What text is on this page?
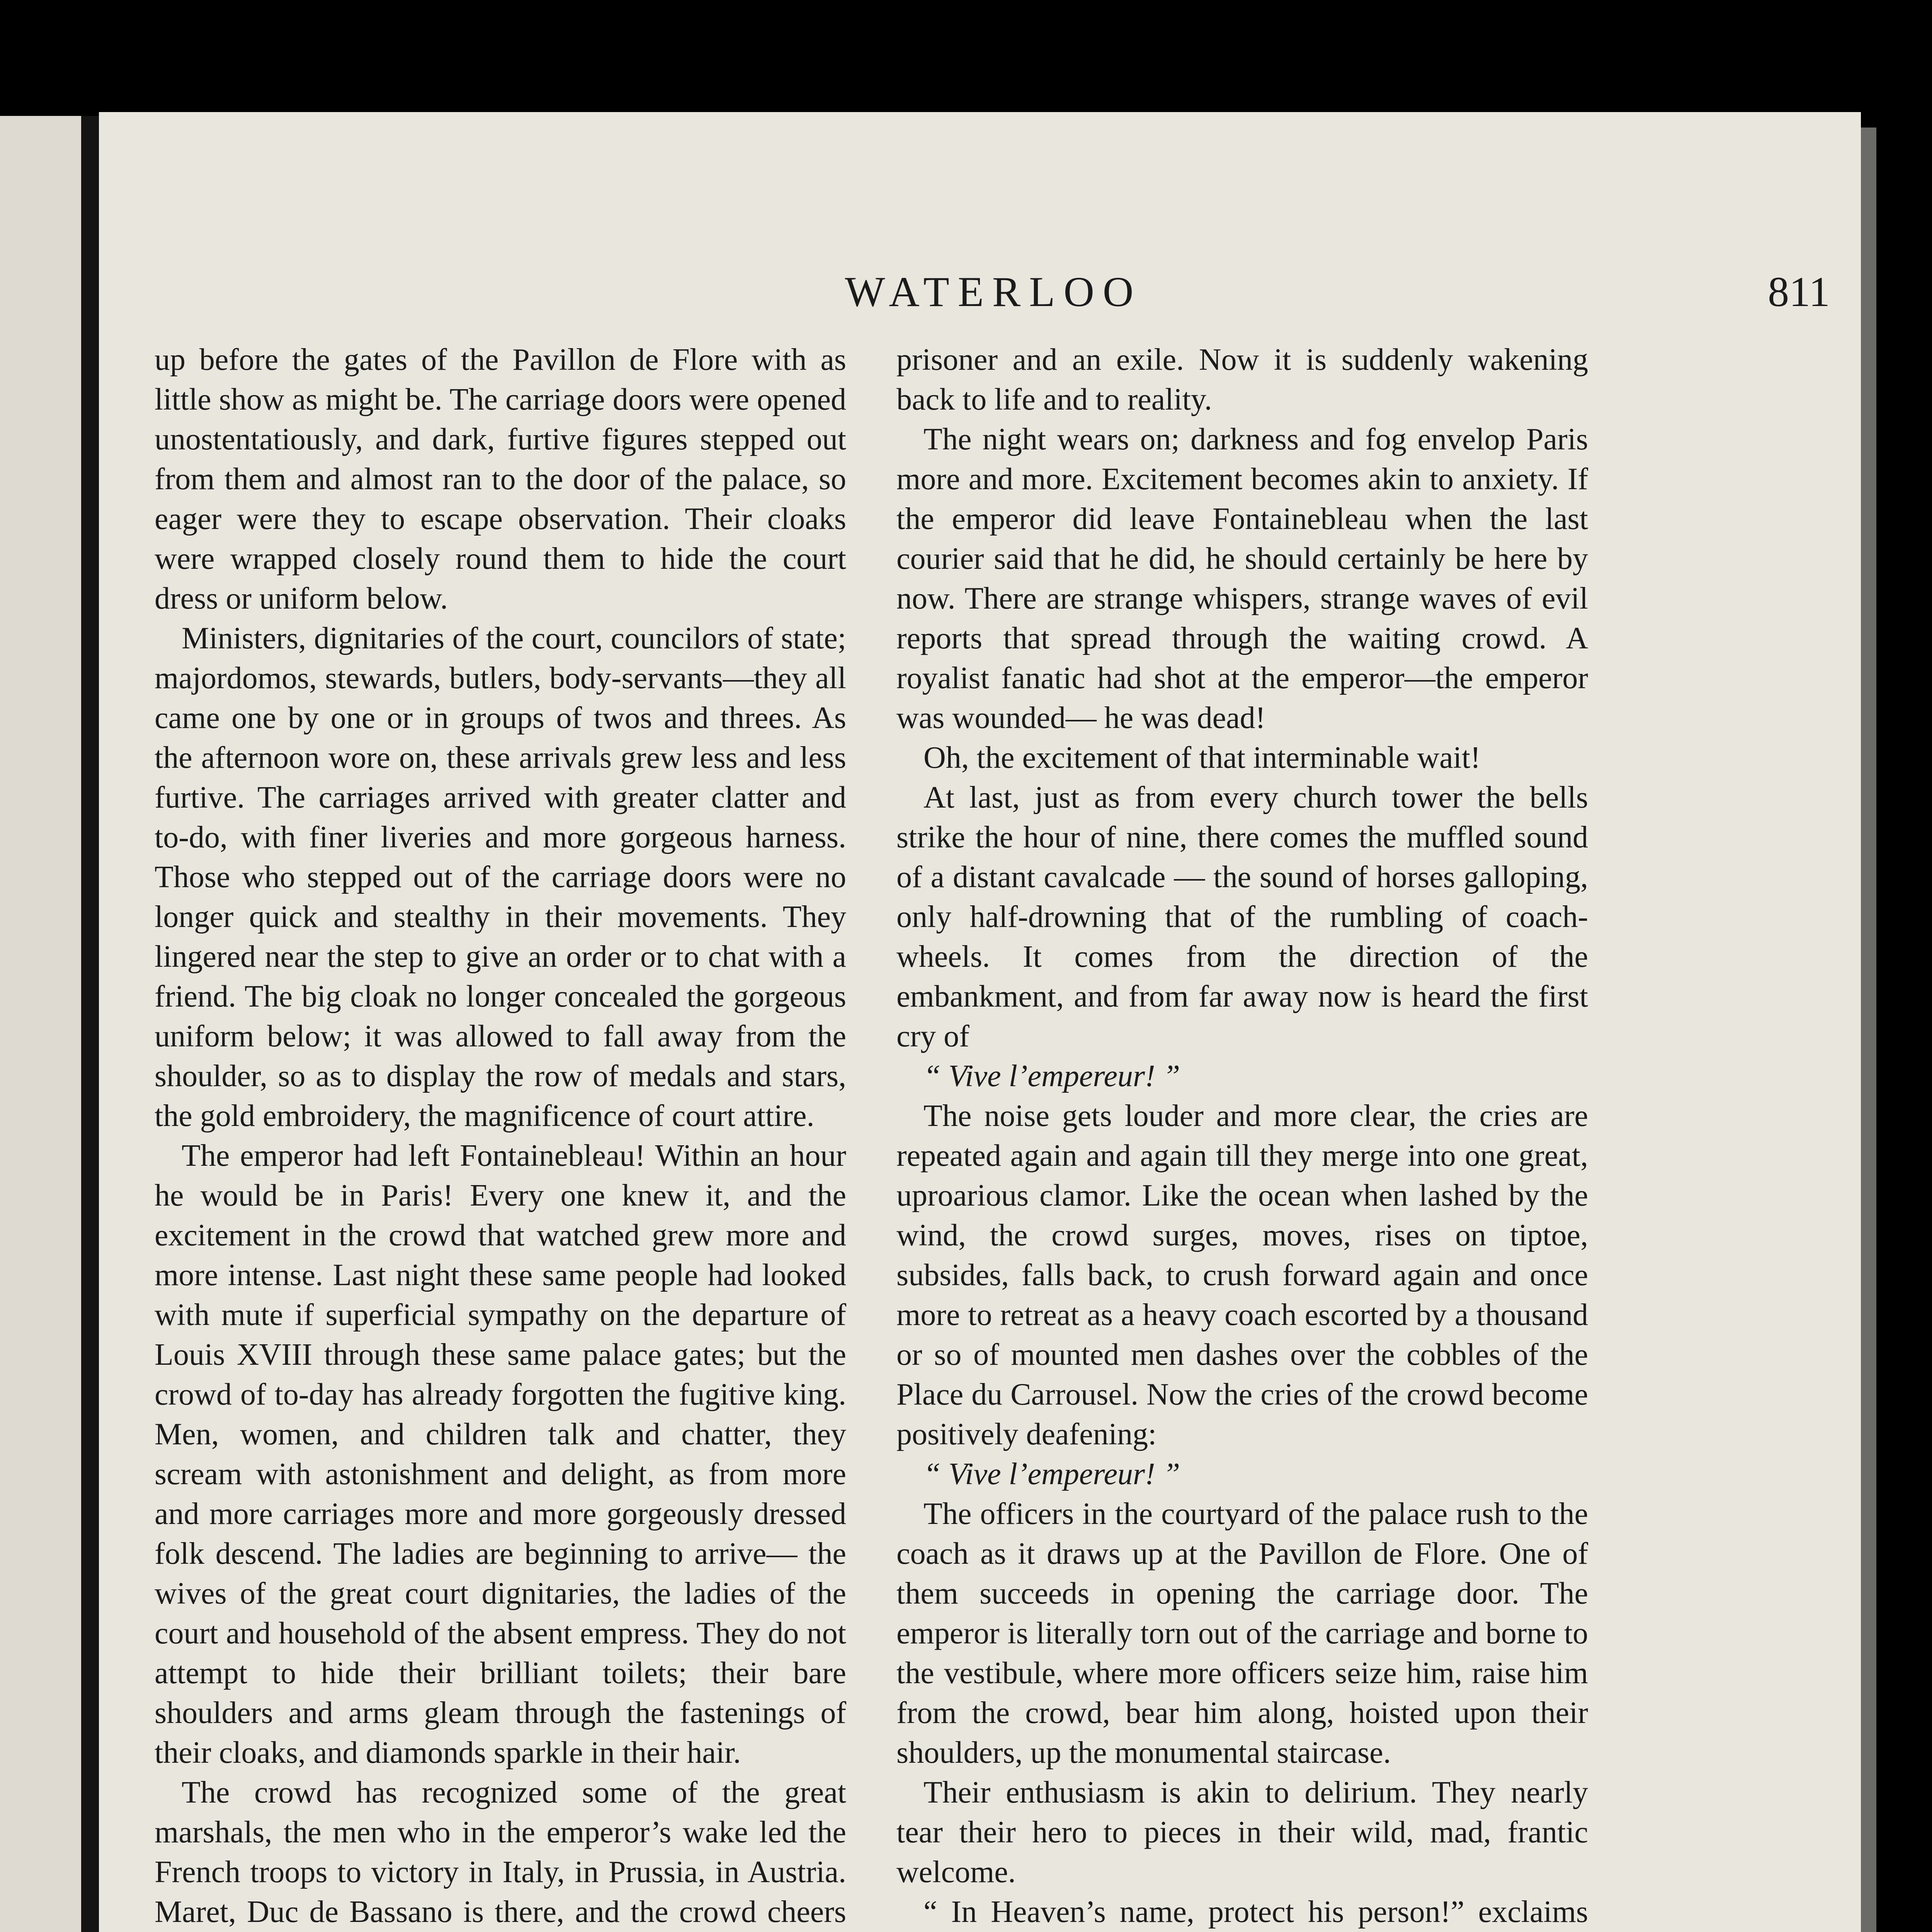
WATERLOO	811

up before the gates of the Pavillon de Flore with as little show as might be. The carriage doors were opened unostentatiously, and dark, furtive figures stepped out from them and almost ran to the door of the palace, so eager were they to escape observation. Their cloaks were wrapped closely round them to hide the court dress or uniform below.

Ministers, dignitaries of the court, councilors of state; majordomos, stewards, butlers, body-servants—they all came one by one or in groups of twos and threes. As the afternoon wore on, these arrivals grew less and less furtive. The carriages arrived with greater clatter and to-do, with finer liveries and more gorgeous harness. Those who stepped out of the carriage doors were no longer quick and stealthy in their movements. They lingered near the step to give an order or to chat with a friend. The big cloak no longer concealed the gorgeous uniform below; it was allowed to fall away from the shoulder, so as to display the row of medals and stars, the gold embroidery, the magnificence of court attire.

The emperor had left Fontainebleau! Within an hour he would be in Paris! Every one knew it, and the excitement in the crowd that watched grew more and more intense. Last night these same people had looked with mute if superficial sympathy on the departure of Louis XVIII through these same palace gates; but the crowd of to-day has already forgotten the fugitive king. Men, women, and children talk and chatter, they scream with astonishment and delight, as from more and more carriages more and more gorgeously dressed folk descend. The ladies are beginning to arrive— the wives of the great court dignitaries, the ladies of the court and household of the absent empress. They do not attempt to hide their brilliant toilets; their bare shoulders and arms gleam through the fastenings of their cloaks, and diamonds sparkle in their hair.

The crowd has recognized some of the great marshals, the men who in the emperor’s wake led the French troops to victory in Italy, in Prussia, in Austria. Maret, Duc de Bassano is there, and the crowd cheers

prisoner and an exile. Now it is suddenly wakening back to life and to reality.

The night wears on; darkness and fog envelop Paris more and more. Excitement becomes akin to anxiety. If the emperor did leave Fontainebleau when the last courier said that he did, he should certainly be here by now. There are strange whispers, strange waves of evil reports that spread through the waiting crowd. A royalist fanatic had shot at the emperor—the emperor was wounded— he was dead!

Oh, the excitement of that interminable wait!

At last, just as from every church tower the bells strike the hour of nine, there comes the muffled sound of a distant cavalcade — the sound of horses galloping, only half-drowning that of the rumbling of coach-wheels. It comes from the direction of the embankment, and from far away now is heard the first cry of

“ Vive l’empereur! ”

The noise gets louder and more clear, the cries are repeated again and again till they merge into one great, uproarious clamor. Like the ocean when lashed by the wind, the crowd surges, moves, rises on tiptoe, subsides, falls back, to crush forward again and once more to retreat as a heavy coach escorted by a thousand or so of mounted men dashes over the cobbles of the Place du Carrousel. Now the cries of the crowd become positively deafening:

“ Vive l’empereur! ”

The officers in the courtyard of the palace rush to the coach as it draws up at the Pavillon de Flore. One of them succeeds in opening the carriage door. The emperor is literally torn out of the carriage and borne to the vestibule, where more officers seize him, raise him from the crowd, bear him along, hoisted upon their shoulders, up the monumental staircase.

Their enthusiasm is akin to delirium. They nearly tear their hero to pieces in their wild, mad, frantic welcome.

“ In Heaven’s name, protect his person!” exclaims
